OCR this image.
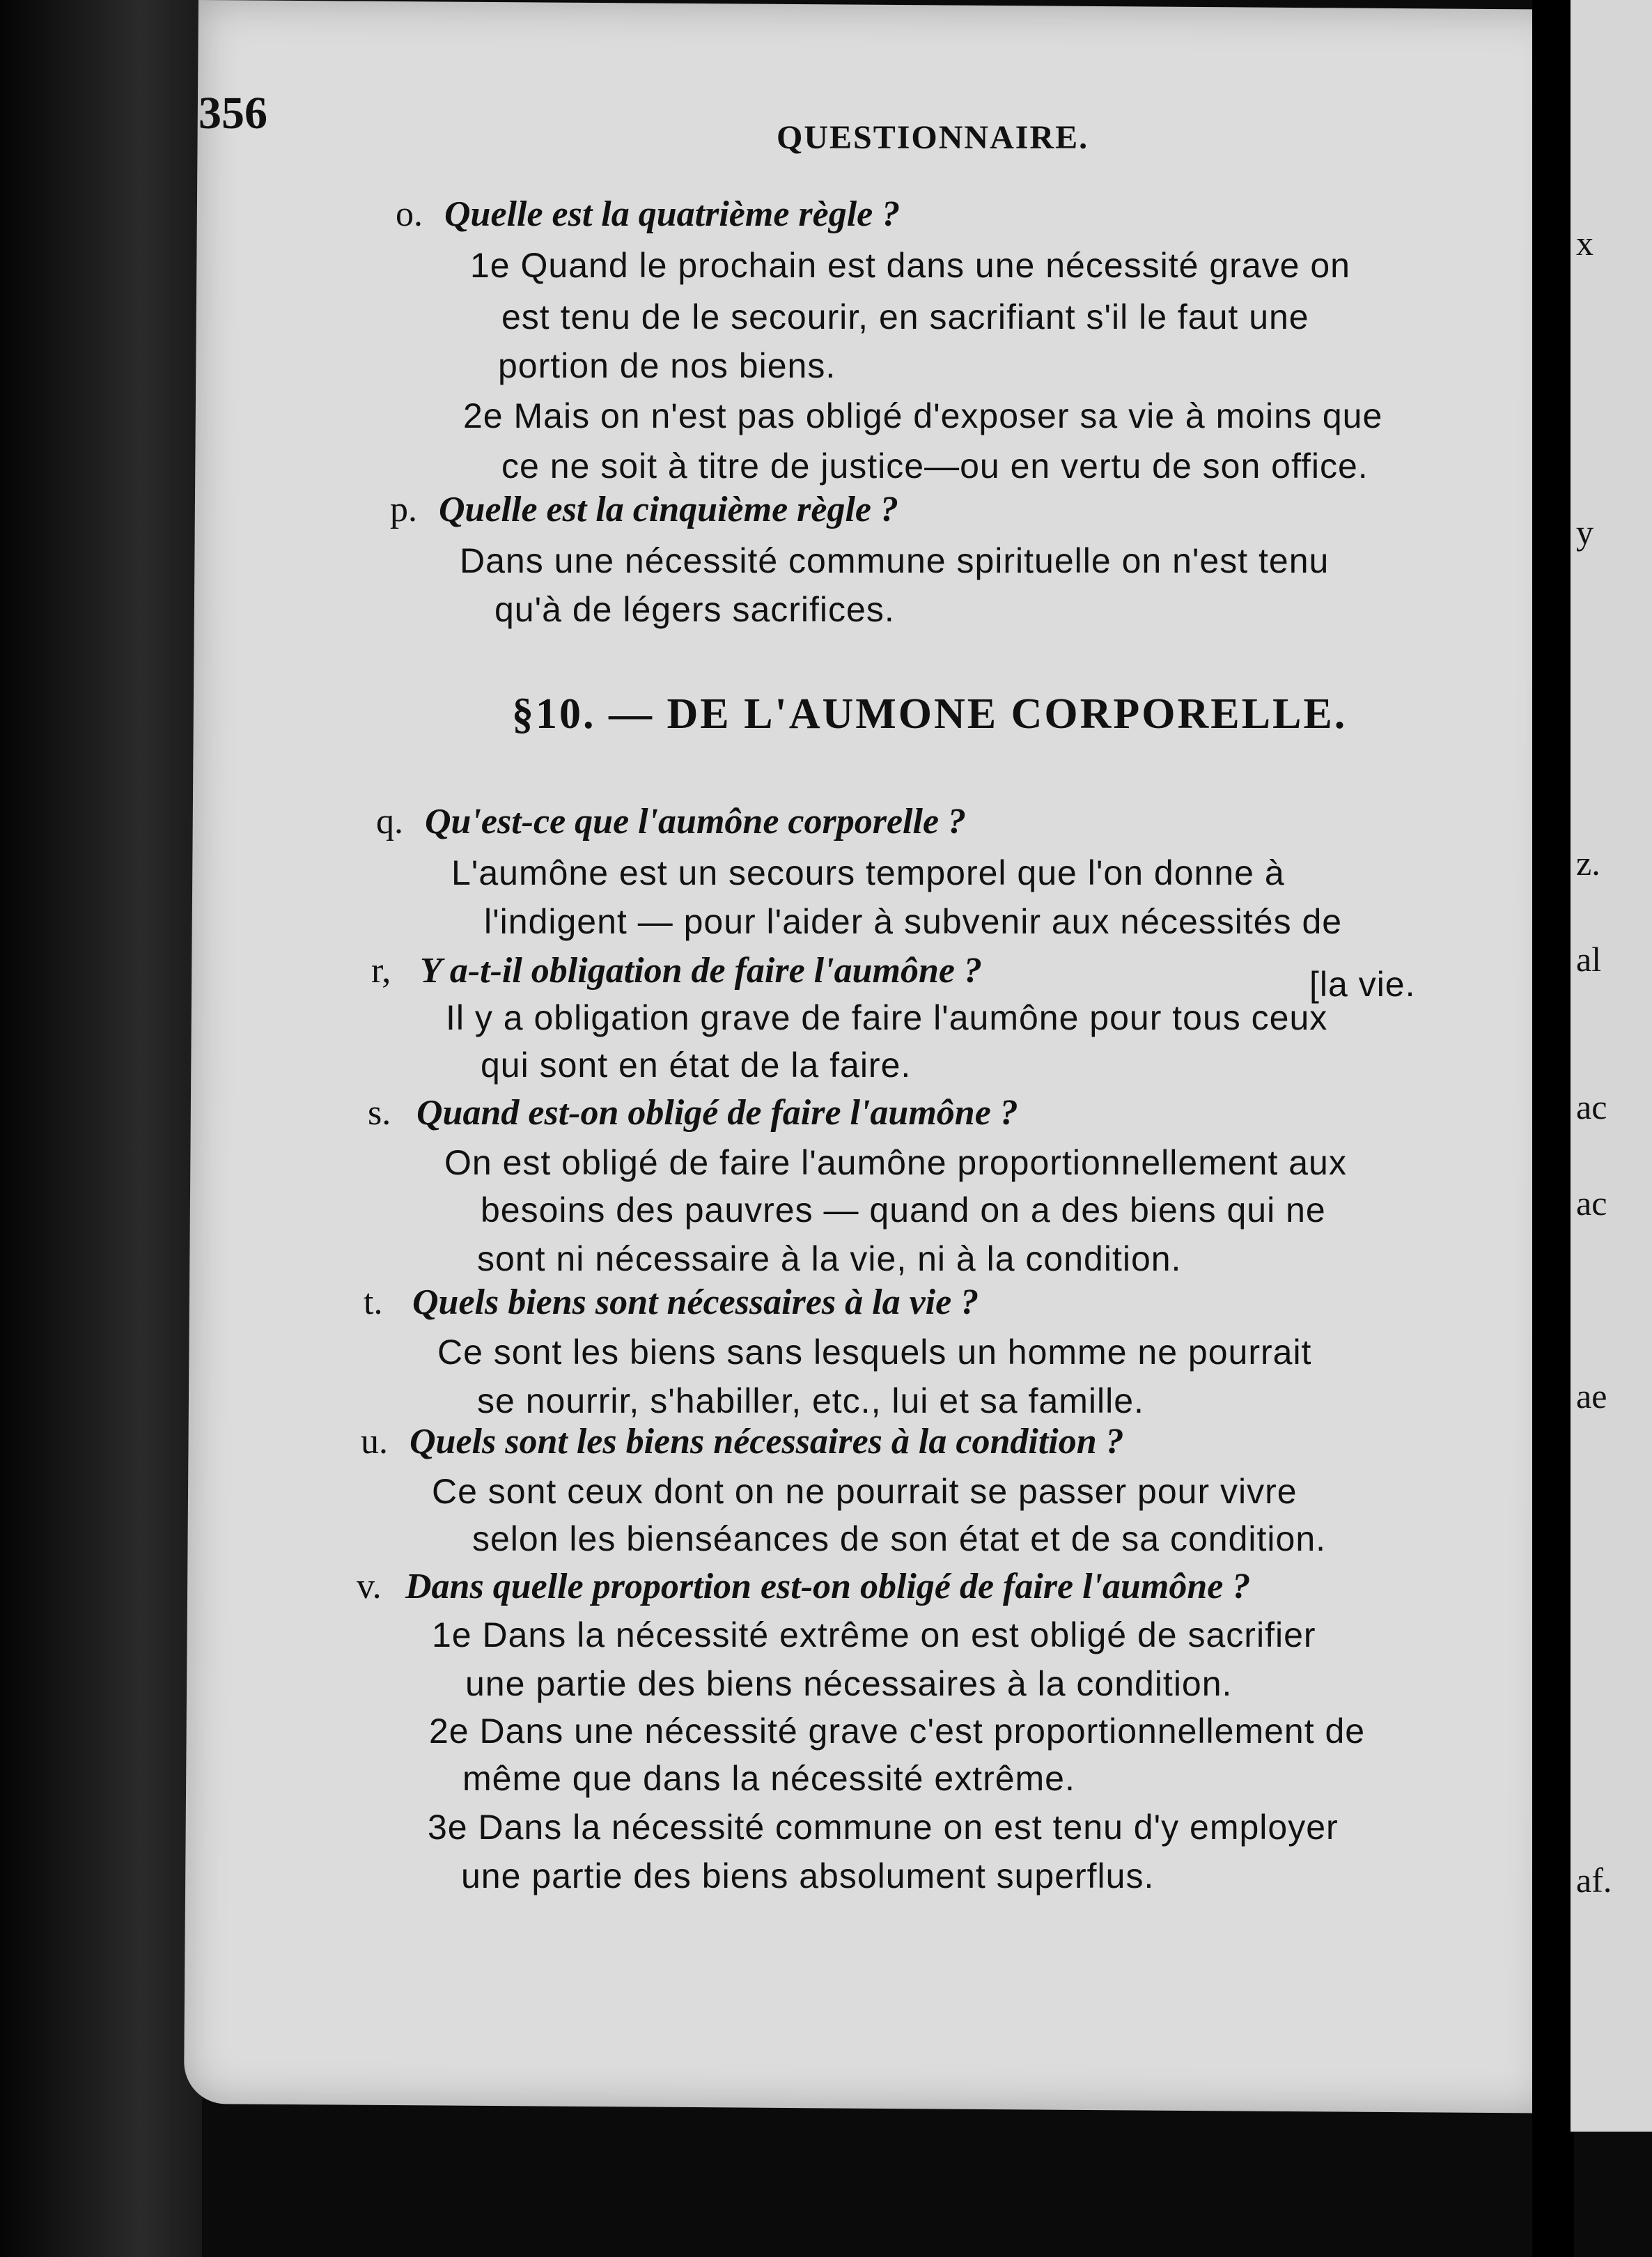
x
y
z.
al
ac
ac
ae
af.
356	QUESTIONNAIRE.
o. Quelle est la quatrième règle ?
1e Quand le prochain est dans une nécessité grave on
est tenu de le secourir, en sacrifiant s'il le faut une
portion de nos biens.
2e Mais on n'est pas obligé d'exposer sa vie à moins que
ce ne soit à titre de justice—ou en vertu de son office.
p. Quelle est la cinquième règle ?
Dans une nécessité commune spirituelle on n'est tenu
qu'à de légers sacrifices.
§10. — DE L'AUMONE CORPORELLE.
q. Qu'est-ce que l'aumône corporelle ?
L'aumône est un secours temporel que l'on donne à
l'indigent — pour l'aider à subvenir aux nécessités de
r, Y a-t-il obligation de faire l'aumône ?	[la vie.
Il y a obligation grave de faire l'aumône pour tous ceux
qui sont en état de la faire.
s. Quand est-on obligé de faire l'aumône ?
On est obligé de faire l'aumône proportionnellement aux
besoins des pauvres — quand on a des biens qui ne
sont ni nécessaire à la vie, ni à la condition.
t. Quels biens sont nécessaires à la vie ?
Ce sont les biens sans lesquels un homme ne pourrait
se nourrir, s'habiller, etc., lui et sa famille.
u. Quels sont les biens nécessaires à la condition ?
Ce sont ceux dont on ne pourrait se passer pour vivre
selon les bienséances de son état et de sa condition.
v. Dans quelle proportion est-on obligé de faire l'aumône ?
1e Dans la nécessité extrême on est obligé de sacrifier
une partie des biens nécessaires à la condition.
2e Dans une nécessité grave c'est proportionnellement de
même que dans la nécessité extrême.
3e Dans la nécessité commune on est tenu d'y employer
une partie des biens absolument superflus.
